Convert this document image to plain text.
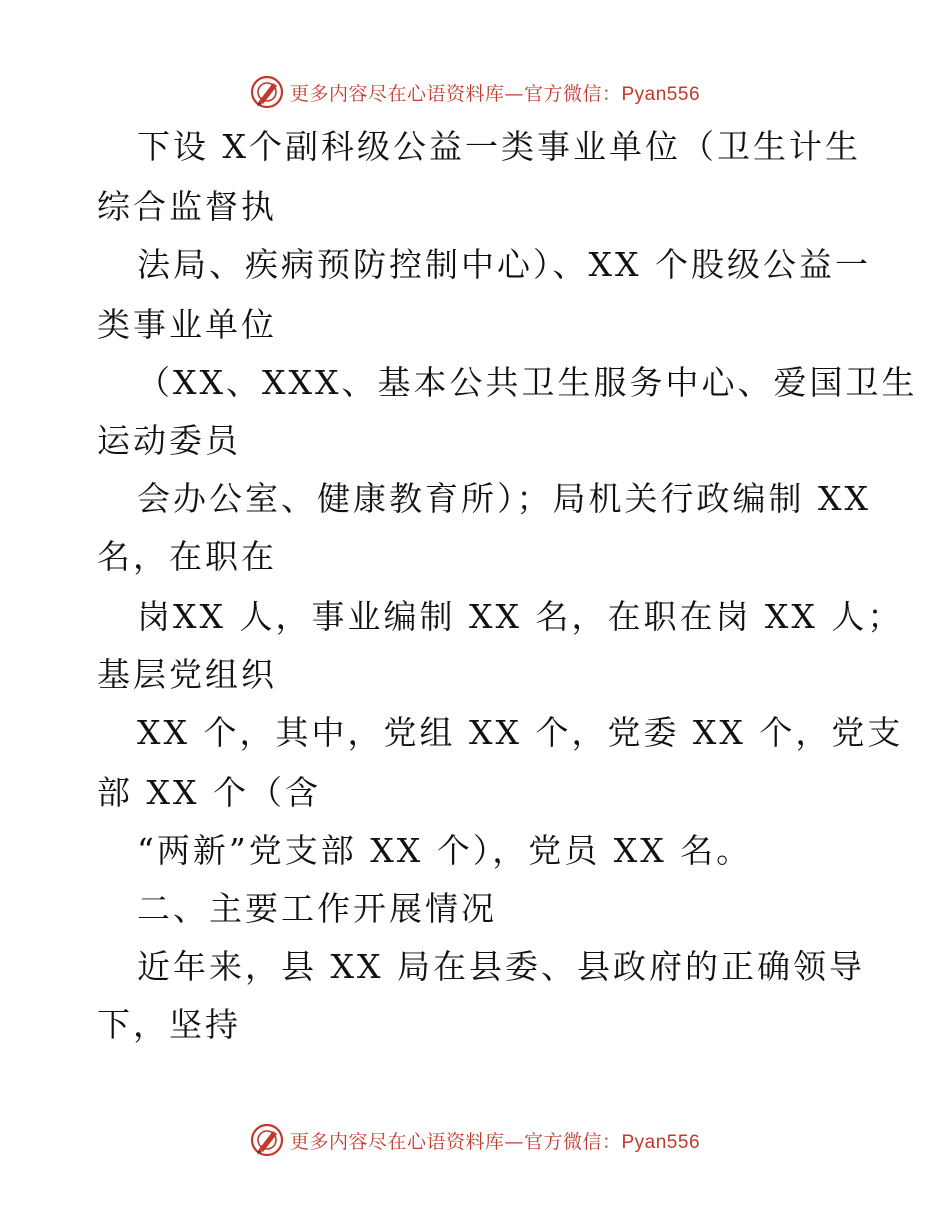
更多内容尽在心语资料库—官方微信：Pyan556
下设 X个副科级公益一类事业单位（卫生计生
综合监督执
法局、疾病预防控制中心）、XX 个股级公益一
类事业单位
（XX、XXX、基本公共卫生服务中心、爱国卫生
运动委员
会办公室、健康教育所）；局机关行政编制 XX
名，在职在
岗XX 人，事业编制 XX 名，在职在岗 XX 人；
基层党组织
XX 个，其中，党组 XX 个，党委 XX 个，党支
部 XX 个（含
“两新”党支部 XX 个），党员 XX 名。
二、主要工作开展情况
近年来，县 XX 局在县委、县政府的正确领导
下，坚持
更多内容尽在心语资料库—官方微信：Pyan556
